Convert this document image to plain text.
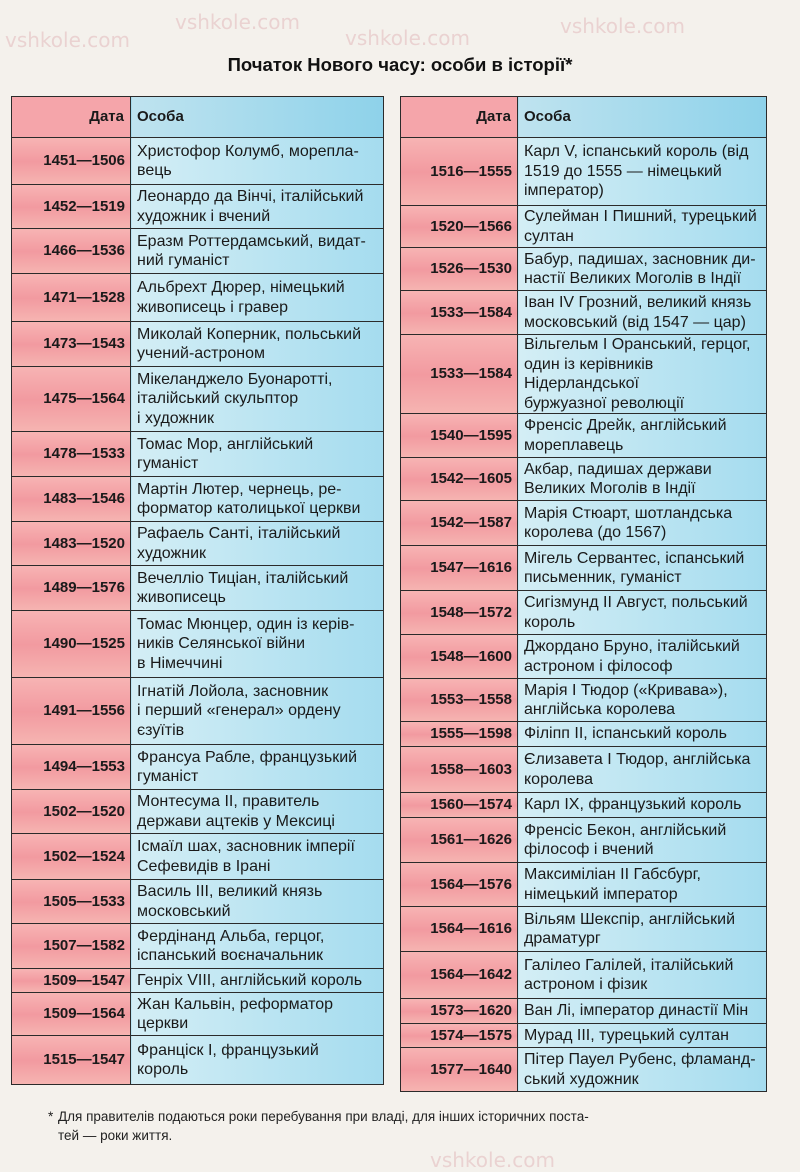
vshkole.com
vshkole.com
vshkole.com	vshkole.com
vshkole.com
Початок Нового часу: особи в історії*
Дата	Особа
1451—1506	Христофор Колумб, морепла-
вець

1452—1519	Леонардо да Вінчі, італійський
художник і вчений

1466—1536	Еразм Роттердамський, видат-
ний гуманіст

1471—1528	Альбрехт Дюрер, німецький
живописець і гравер

1473—1543	Миколай Коперник, польський
учений-астроном

1475—1564	Мікеланджело Буонаротті,
італійський скульптор
і художник

1478—1533	Томас Мор, англійський
гуманіст

1483—1546	Мартін Лютер, чернець, ре-
форматор католицької церкви

1483—1520	Рафаель Санті, італійський
художник

1489—1576	Вечелліо Тиціан, італійський
живописець

1490—1525	Томас Мюнцер, один із керів-
ників Селянської війни
в Німеччині

1491—1556	Ігнатій Лойола, засновник
і перший «генерал» ордену
єзуїтів

1494—1553	Франсуа Рабле, французький
гуманіст

1502—1520	Монтесума II, правитель
держави ацтеків у Мексиці

1502—1524	Ісмаїл шах, засновник імперії
Сефевидів в Ірані

1505—1533	Василь III, великий князь
московський

1507—1582	Фердінанд Альба, герцог,
іспанський воєначальник

1509—1547	Генріх VIII, англійський король

1509—1564	Жан Кальвін, реформатор
церкви

1515—1547	Франціск I, французький
король
Дата	Особа
1516—1555	Карл V, іспанський король (від
1519 до 1555 — німецький
імператор)

1520—1566	Сулейман I Пишний, турецький
султан

1526—1530	Бабур, падишах, засновник ди-
настії Великих Моголів в Індії

1533—1584	Іван IV Грозний, великий князь
московський (від 1547 — цар)

1533—1584	Вільгельм I Оранський, герцог,
один із керівників Нідерландської
буржуазної революції

1540—1595	Френсіс Дрейк, англійський
мореплавець

1542—1605	Акбар, падишах держави
Великих Моголів в Індії

1542—1587	Марія Стюарт, шотландська
королева (до 1567)

1547—1616	Мігель Сервантес, іспанський
письменник, гуманіст

1548—1572	Сигізмунд II Август, польський
король

1548—1600	Джордано Бруно, італійський
астроном і філософ

1553—1558	Марія I Тюдор («Кривава»),
англійська королева

1555—1598	Філіпп II, іспанський король

1558—1603	Єлизавета I Тюдор, англійська
королева

1560—1574	Карл IX, французький король

1561—1626	Френсіс Бекон, англійський
філософ і вчений

1564—1576	Максиміліан II Габсбург,
німецький імператор

1564—1616	Вільям Шекспір, англійський
драматург

1564—1642	Галілео Галілей, італійський
астроном і фізик

1573—1620	Ван Лі, імператор династії Мін

1574—1575	Мурад III, турецький султан

1577—1640	Пітер Пауел Рубенс, фламанд-
ський художник
* Для правителів подаються роки перебування при владі, для інших історичних поста-
тей — роки життя.
